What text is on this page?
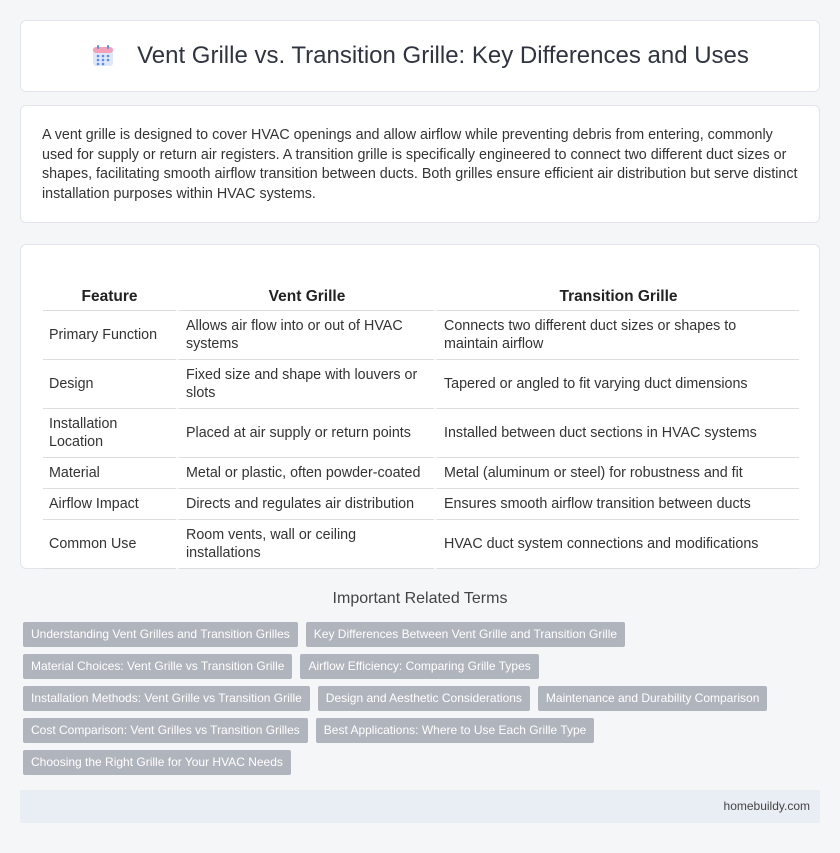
Vent Grille vs. Transition Grille: Key Differences and Uses

A vent grille is designed to cover HVAC openings and allow airflow while preventing debris from entering, commonly used for supply or return air registers. A transition grille is specifically engineered to connect two different duct sizes or shapes, facilitating smooth airflow transition between ducts. Both grilles ensure efficient air distribution but serve distinct installation purposes within HVAC systems.

Feature	Vent Grille	Transition Grille
Primary Function	Allows air flow into or out of HVAC systems	Connects two different duct sizes or shapes to maintain airflow
Design	Fixed size and shape with louvers or slots	Tapered or angled to fit varying duct dimensions
Installation Location	Placed at air supply or return points	Installed between duct sections in HVAC systems
Material	Metal or plastic, often powder-coated	Metal (aluminum or steel) for robustness and fit
Airflow Impact	Directs and regulates air distribution	Ensures smooth airflow transition between ducts
Common Use	Room vents, wall or ceiling installations	HVAC duct system connections and modifications
Important Related Terms
Understanding Vent Grilles and Transition Grilles	Key Differences Between Vent Grille and Transition Grille
Material Choices: Vent Grille vs Transition Grille	Airflow Efficiency: Comparing Grille Types
Installation Methods: Vent Grille vs Transition Grille	Design and Aesthetic Considerations	Maintenance and Durability Comparison
Cost Comparison: Vent Grilles vs Transition Grilles	Best Applications: Where to Use Each Grille Type
Choosing the Right Grille for Your HVAC Needs
homebuildy.com
